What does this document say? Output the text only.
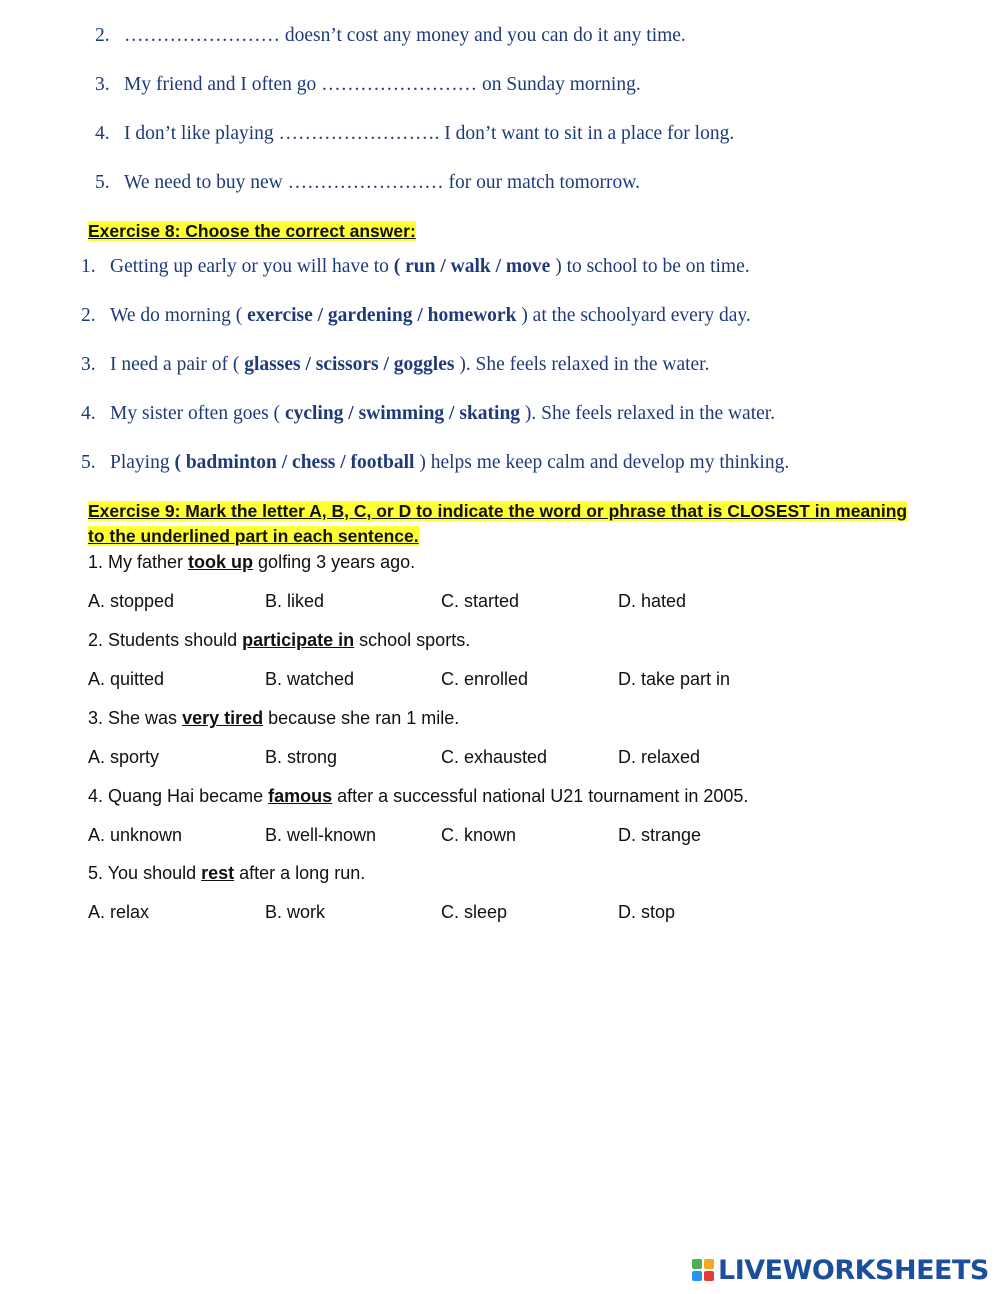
2. …………………… doesn’t cost any money and you can do it any time.
3. My friend and I often go …………………… on Sunday morning.
4. I don’t like playing ……………………. I don’t want to sit in a place for long.
5. We need to buy new …………………… for our match tomorrow.
Exercise 8: Choose the correct answer:
1. Getting up early or you will have to ( run / walk / move ) to school to be on time.
2. We do morning ( exercise / gardening / homework ) at the schoolyard every day.
3. I need a pair of ( glasses / scissors / goggles ). She feels relaxed in the water.
4. My sister often goes ( cycling / swimming / skating ). She feels relaxed in the water.
5. Playing ( badminton / chess / football ) helps me keep calm and develop my thinking.
Exercise 9: Mark the letter A, B, C, or D to indicate the word or phrase that is CLOSEST in meaning
to the underlined part in each sentence.
1. My father took up golfing 3 years ago.
A. stopped	B. liked	C. started	D. hated
2. Students should participate in school sports.
A. quitted	B. watched	C. enrolled	D. take part in
3. She was very tired because she ran 1 mile.
A. sporty	B. strong	C. exhausted	D. relaxed
4. Quang Hai became famous after a successful national U21 tournament in 2005.
A. unknown	B. well-known	C. known	D. strange
5. You should rest after a long run.
A. relax	B. work	C. sleep	D. stop
LIVEWORKSHEETS
